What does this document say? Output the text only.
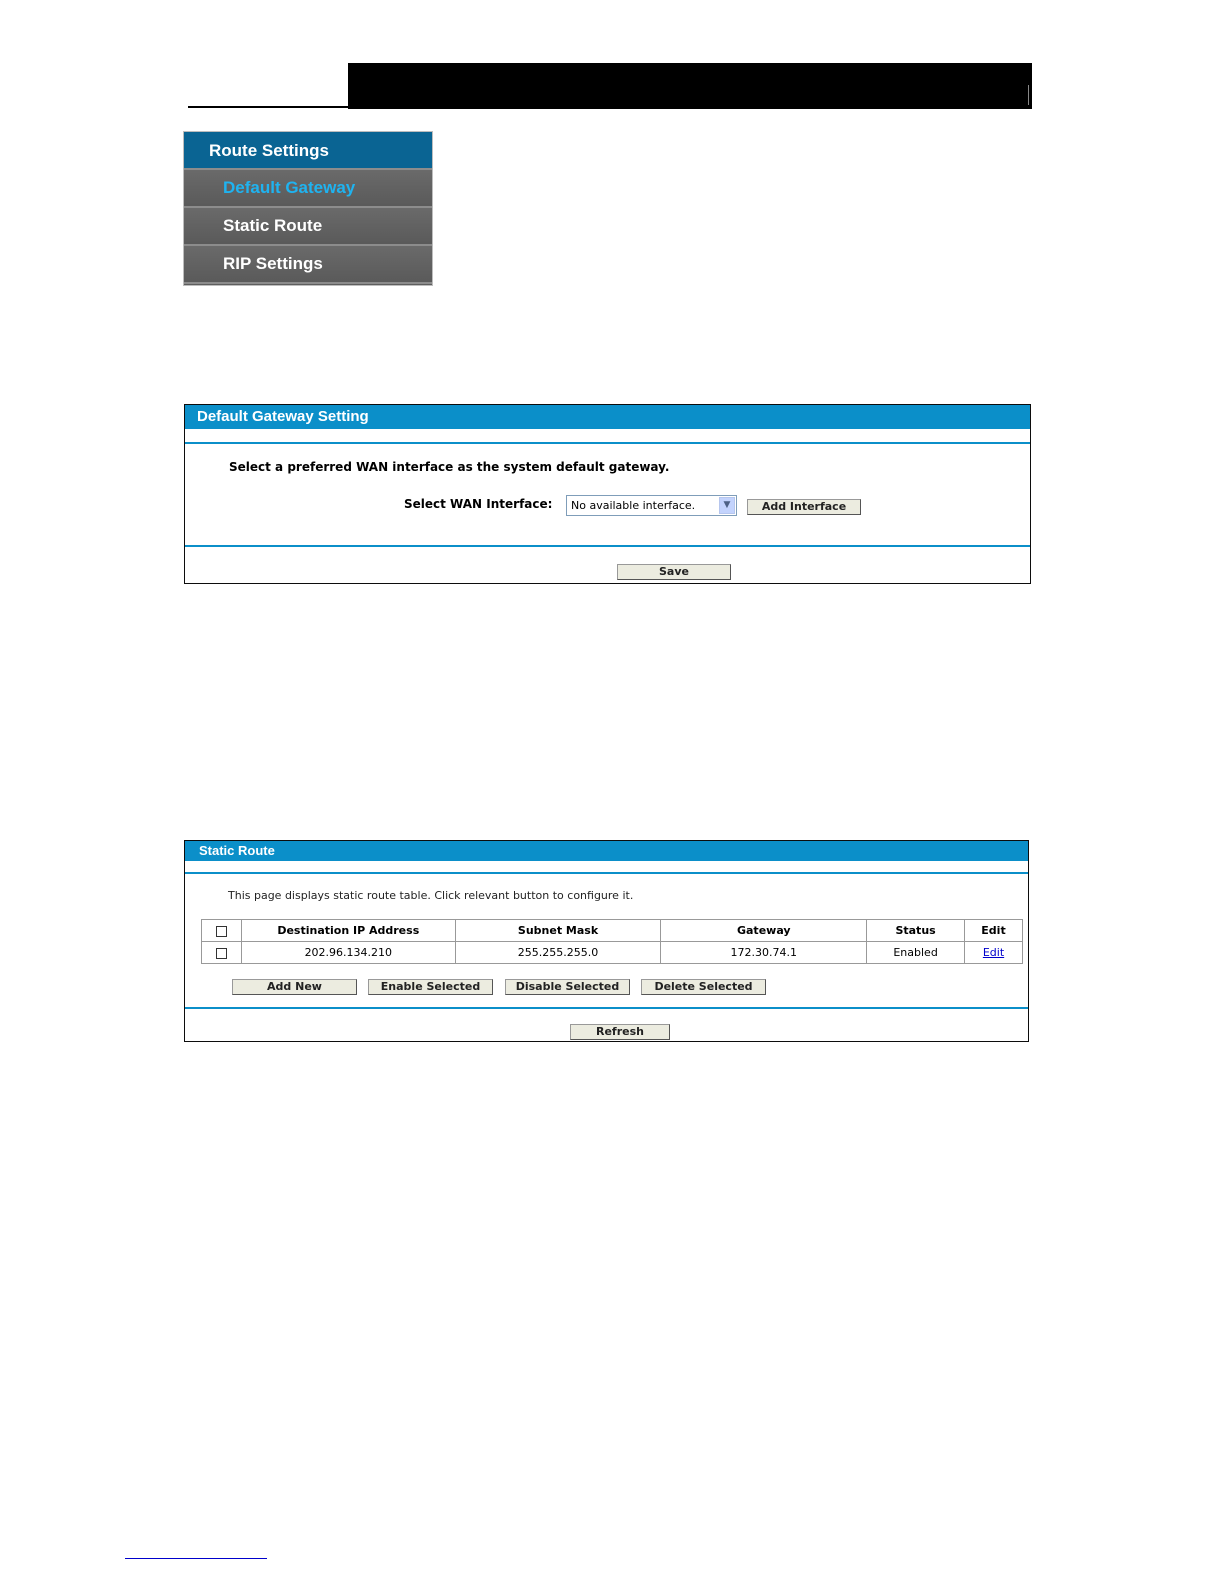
Route Settings
Default Gateway
Static Route
RIP Settings
Default Gateway Setting
Select a preferred WAN interface as the system default gateway.
Select WAN Interface:	No available interface.	▼	Add Interface
Save
Static Route
This page displays static route table. Click relevant button to configure it.
	Destination IP Address	Subnet Mask	Gateway	Status	Edit
	202.96.134.210	255.255.255.0	172.30.74.1	Enabled	Edit
Add New	Enable Selected	Disable Selected	Delete Selected
Refresh
